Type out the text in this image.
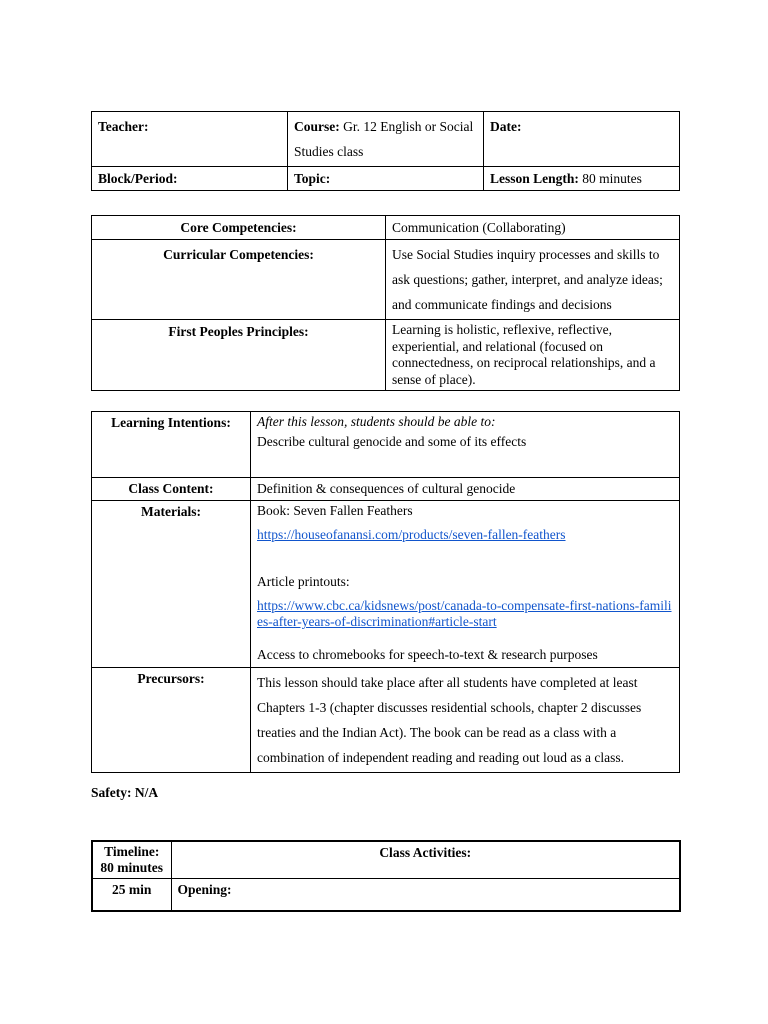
Teacher:	Course: Gr. 12 English or Social Studies class	Date:
Block/Period:	Topic:	Lesson Length: 80 minutes
Core Competencies:	Communication (Collaborating)
Curricular Competencies:	Use Social Studies inquiry processes and skills to ask questions; gather, interpret, and analyze ideas; and communicate findings and decisions
First Peoples Principles:	Learning is holistic, reflexive, reflective, experiential, and relational (focused on connectedness, on reciprocal relationships, and a sense of place).
Learning Intentions:	After this lesson, students should be able to:
Describe cultural genocide and some of its effects
Class Content:	Definition & consequences of cultural genocide
Materials:	Book: Seven Fallen Feathers
https://houseofanansi.com/products/seven-fallen-feathers
Article printouts:
https://www.cbc.ca/kidsnews/post/canada-to-compensate-first-nations-families-after-years-of-discrimination#article-start
Access to chromebooks for speech-to-text & research purposes

Precursors:	This lesson should take place after all students have completed at least Chapters 1-3 (chapter discusses residential schools, chapter 2 discusses treaties and the Indian Act). The book can be read as a class with a combination of independent reading and reading out loud as a class.
Safety: N/A
Timeline: 80 minutes	Class Activities:
25 min	Opening:
